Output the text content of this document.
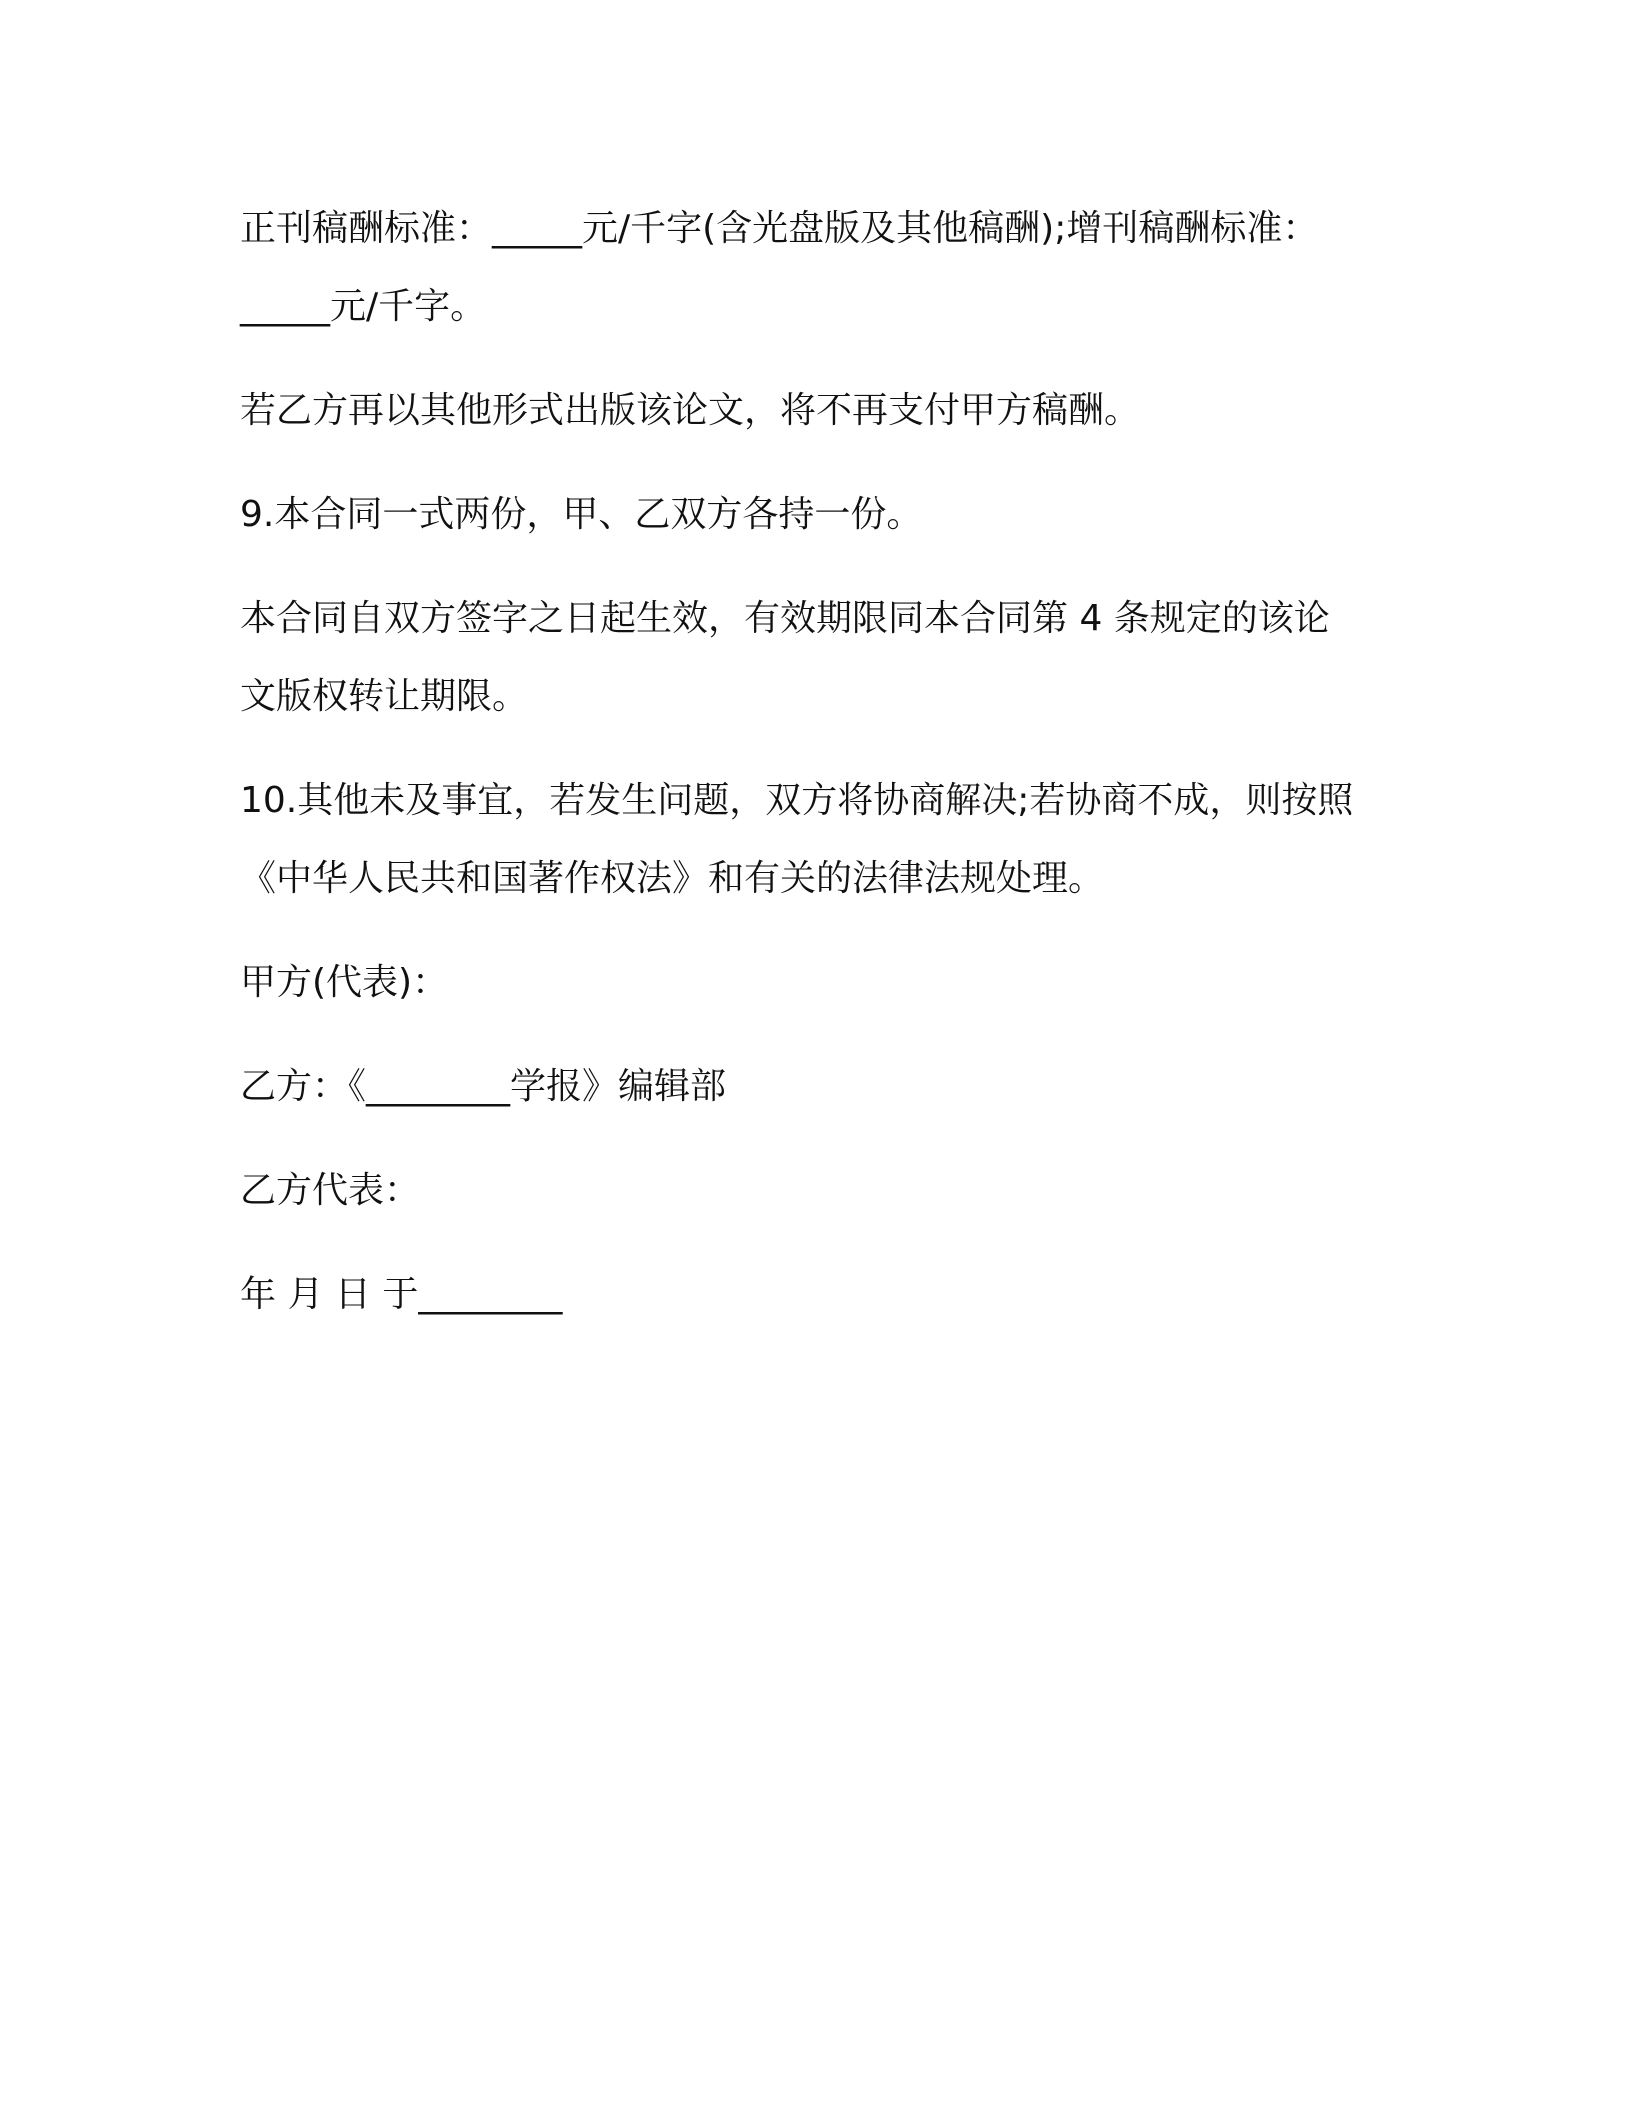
正刊稿酬标准：_____元/千字(含光盘版及其他稿酬);增刊稿酬标准：
_____元/千字。

若乙方再以其他形式出版该论文，将不再支付甲方稿酬。

9.本合同一式两份，甲、乙双方各持一份。

本合同自双方签字之日起生效，有效期限同本合同第 4 条规定的该论
文版权转让期限。

10.其他未及事宜，若发生问题，双方将协商解决;若协商不成，则按照
《中华人民共和国著作权法》和有关的法律法规处理。

甲方(代表)：

乙方：《________学报》编辑部

乙方代表：

年 月 日 于________
